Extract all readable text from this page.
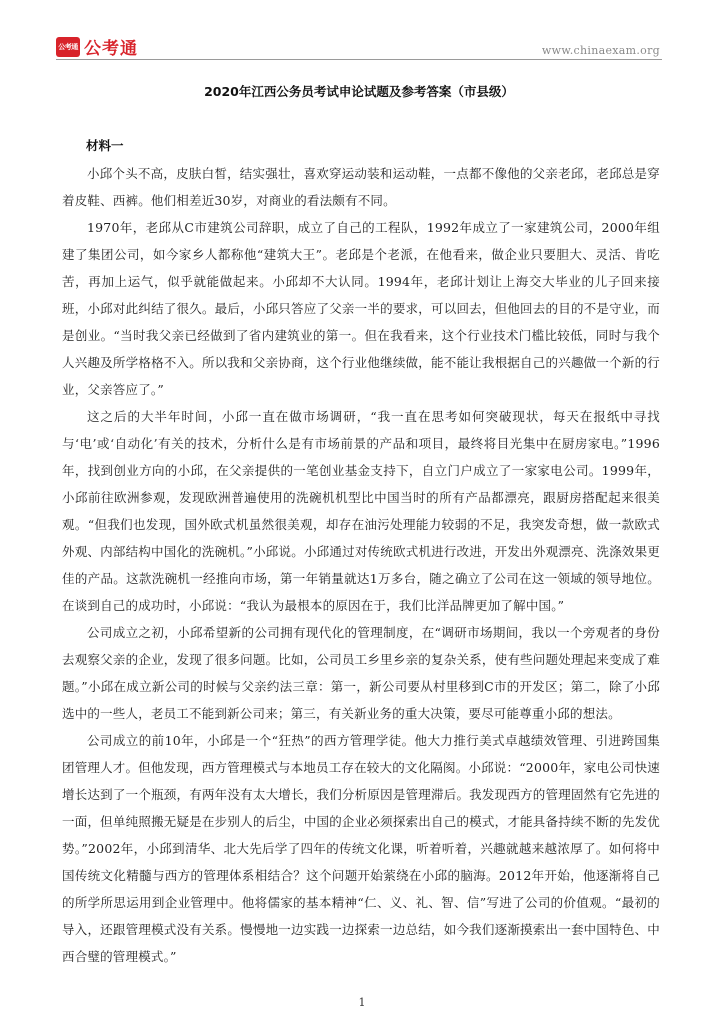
公考通 公考通	www.chinaexam.org
2020年江西公务员考试申论试题及参考答案（市县级）
材料一

小邱个头不高，皮肤白皙，结实强壮，喜欢穿运动装和运动鞋，一点都不像他的父亲老邱，老邱总是穿着皮鞋、西裤。他们相差近30岁，对商业的看法颇有不同。

1970年，老邱从C市建筑公司辞职，成立了自己的工程队，1992年成立了一家建筑公司，2000年组建了集团公司，如今家乡人都称他“建筑大王”。老邱是个老派，在他看来，做企业只要胆大、灵活、肯吃苦，再加上运气，似乎就能做起来。小邱却不大认同。1994年，老邱计划让上海交大毕业的儿子回来接班，小邱对此纠结了很久。最后，小邱只答应了父亲一半的要求，可以回去，但他回去的目的不是守业，而是创业。“当时我父亲已经做到了省内建筑业的第一。但在我看来，这个行业技术门槛比较低，同时与我个人兴趣及所学格格不入。所以我和父亲协商，这个行业他继续做，能不能让我根据自己的兴趣做一个新的行业，父亲答应了。”

这之后的大半年时间，小邱一直在做市场调研，“我一直在思考如何突破现状，每天在报纸中寻找与‘电’或‘自动化’有关的技术，分析什么是有市场前景的产品和项目，最终将目光集中在厨房家电。”1996年，找到创业方向的小邱，在父亲提供的一笔创业基金支持下，自立门户成立了一家家电公司。1999年，小邱前往欧洲参观，发现欧洲普遍使用的洗碗机机型比中国当时的所有产品都漂亮，跟厨房搭配起来很美观。“但我们也发现，国外欧式机虽然很美观，却存在油污处理能力较弱的不足，我突发奇想，做一款欧式外观、内部结构中国化的洗碗机。”小邱说。小邱通过对传统欧式机进行改进，开发出外观漂亮、洗涤效果更佳的产品。这款洗碗机一经推向市场，第一年销量就达1万多台，随之确立了公司在这一领域的领导地位。在谈到自己的成功时，小邱说：“我认为最根本的原因在于，我们比洋品牌更加了解中国。”

公司成立之初，小邱希望新的公司拥有现代化的管理制度，在“调研市场期间，我以一个旁观者的身份去观察父亲的企业，发现了很多问题。比如，公司员工乡里乡亲的复杂关系，使有些问题处理起来变成了难题。”小邱在成立新公司的时候与父亲约法三章：第一，新公司要从村里移到C市的开发区；第二，除了小邱选中的一些人，老员工不能到新公司来；第三，有关新业务的重大决策，要尽可能尊重小邱的想法。

公司成立的前10年，小邱是一个“狂热”的西方管理学徒。他大力推行美式卓越绩效管理、引进跨国集团管理人才。但他发现，西方管理模式与本地员工存在较大的文化隔阂。小邱说：“2000年，家电公司快速增长达到了一个瓶颈，有两年没有太大增长，我们分析原因是管理滞后。我发现西方的管理固然有它先进的一面，但单纯照搬无疑是在步别人的后尘，中国的企业必须探索出自己的模式，才能具备持续不断的先发优势。”2002年，小邱到清华、北大先后学了四年的传统文化课，听着听着，兴趣就越来越浓厚了。如何将中国传统文化精髓与西方的管理体系相结合？这个问题开始萦绕在小邱的脑海。2012年开始，他逐渐将自己的所学所思运用到企业管理中。他将儒家的基本精神“仁、义、礼、智、信”写进了公司的价值观。“最初的导入，还跟管理模式没有关系。慢慢地一边实践一边探索一边总结，如今我们逐渐摸索出一套中国特色、中西合璧的管理模式。”

1
